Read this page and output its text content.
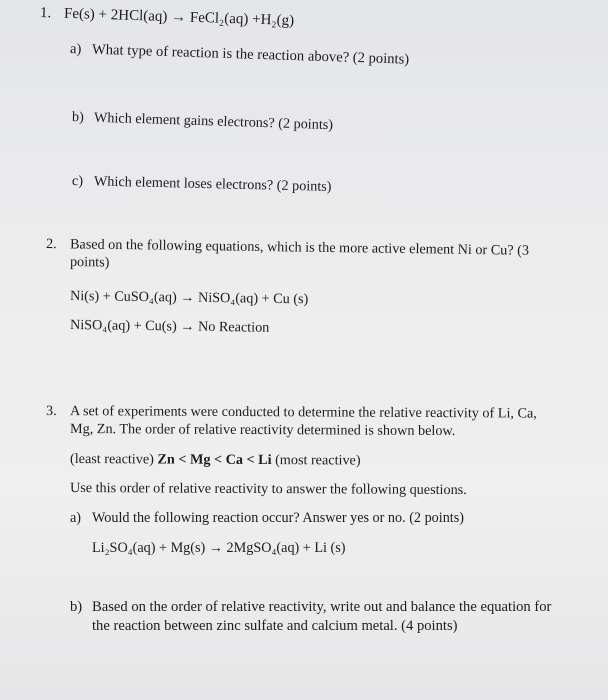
1. Fe(s) + 2HCl(aq) → FeCl₂(aq) +H₂(g)
a) What type of reaction is the reaction above? (2 points)
b) Which element gains electrons? (2 points)
c) Which element loses electrons? (2 points)
2. Based on the following equations, which is the more active element Ni or Cu? (3
points)
Ni(s) + CuSO₄(aq) → NiSO₄(aq) + Cu (s)
NiSO₄(aq) + Cu(s) → No Reaction
3. A set of experiments were conducted to determine the relative reactivity of Li, Ca,
Mg, Zn. The order of relative reactivity determined is shown below.
(least reactive) Zn < Mg < Ca < Li (most reactive)
Use this order of relative reactivity to answer the following questions.
a) Would the following reaction occur? Answer yes or no. (2 points)
Li₂SO₄(aq) + Mg(s) → 2MgSO₄(aq) + Li (s)
b) Based on the order of relative reactivity, write out and balance the equation for
the reaction between zinc sulfate and calcium metal. (4 points)
